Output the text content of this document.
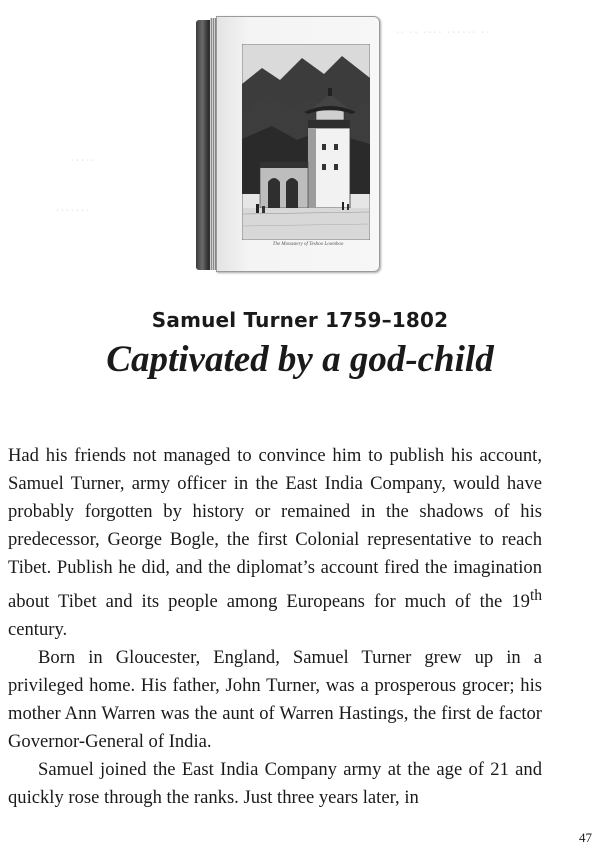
·· ·· ···· ······ ··
·····
·······
The Monastery of Teshoo Loomboo
Samuel Turner 1759–1802
Captivated by a god-child

Had his friends not managed to convince him to publish his account, Samuel Turner, army officer in the East India Company, would have probably forgotten by history or remained in the shadows of his predecessor, George Bogle, the first Colonial representative to reach Tibet. Publish he did, and the diplomat’s account fired the imagination about Tibet and its people among Europeans for much of the 19th century.

Born in Gloucester, England, Samuel Turner grew up in a privileged home. His father, John Turner, was a prosperous grocer; his mother Ann Warren was the aunt of Warren Hastings, the first de factor Governor-General of India.

Samuel joined the East India Company army at the age of 21 and quickly rose through the ranks. Just three years later, in

47
